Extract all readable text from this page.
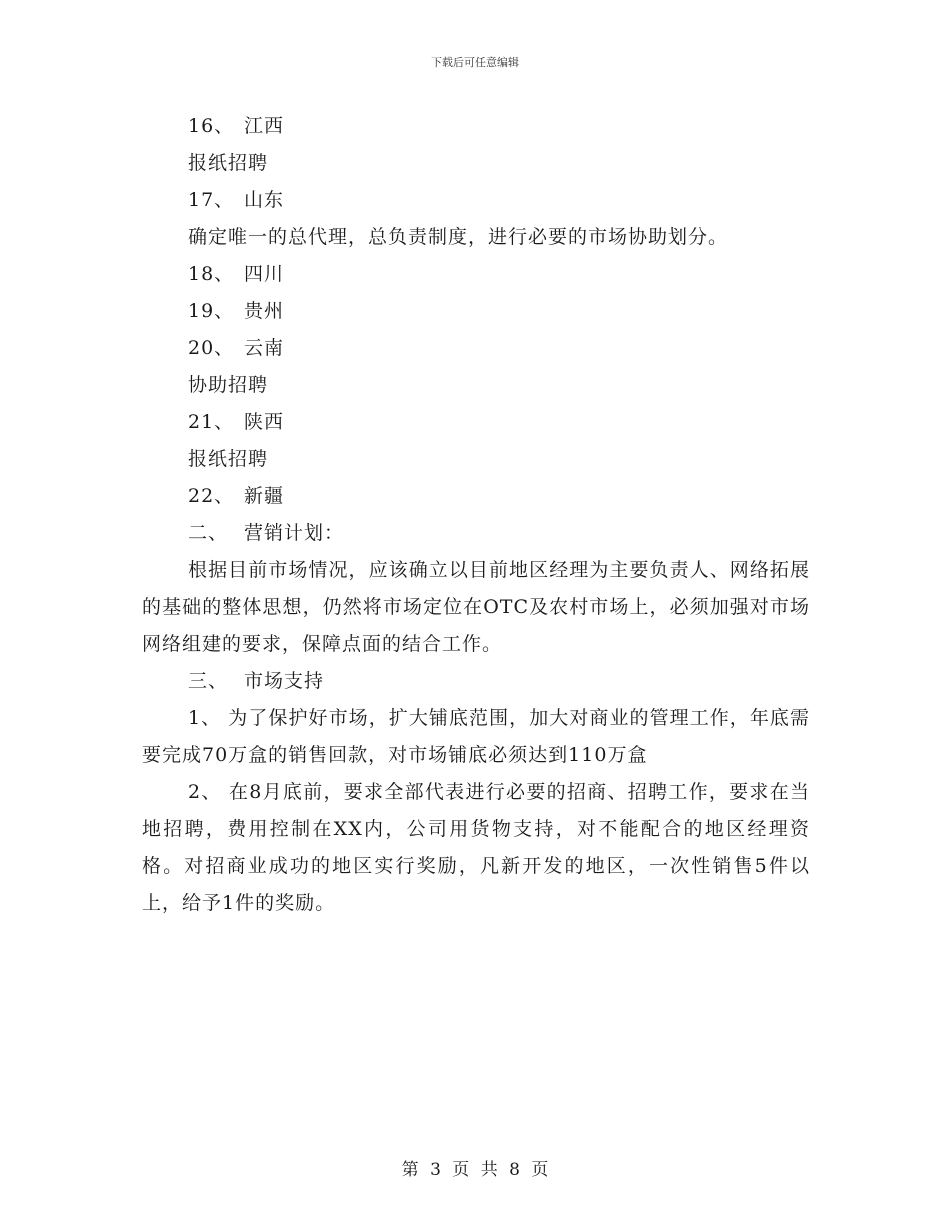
下载后可任意编辑

16、 江西

报纸招聘

17、 山东

确定唯一的总代理，总负责制度，进行必要的市场协助划分。

18、 四川

19、 贵州

20、 云南

协助招聘

21、 陕西

报纸招聘

22、 新疆

二、 营销计划：

根据目前市场情况，应该确立以目前地区经理为主要负责人、网络拓展的基础的整体思想，仍然将市场定位在OTC及农村市场上，必须加强对市场网络组建的要求，保障点面的结合工作。

三、 市场支持

1、 为了保护好市场，扩大铺底范围，加大对商业的管理工作，年底需要完成70万盒的销售回款，对市场铺底必须达到110万盒

2、 在8月底前，要求全部代表进行必要的招商、招聘工作，要求在当地招聘，费用控制在XX内，公司用货物支持，对不能配合的地区经理资格。对招商业成功的地区实行奖励，凡新开发的地区，一次性销售5件以上，给予1件的奖励。

第 3 页 共 8 页
